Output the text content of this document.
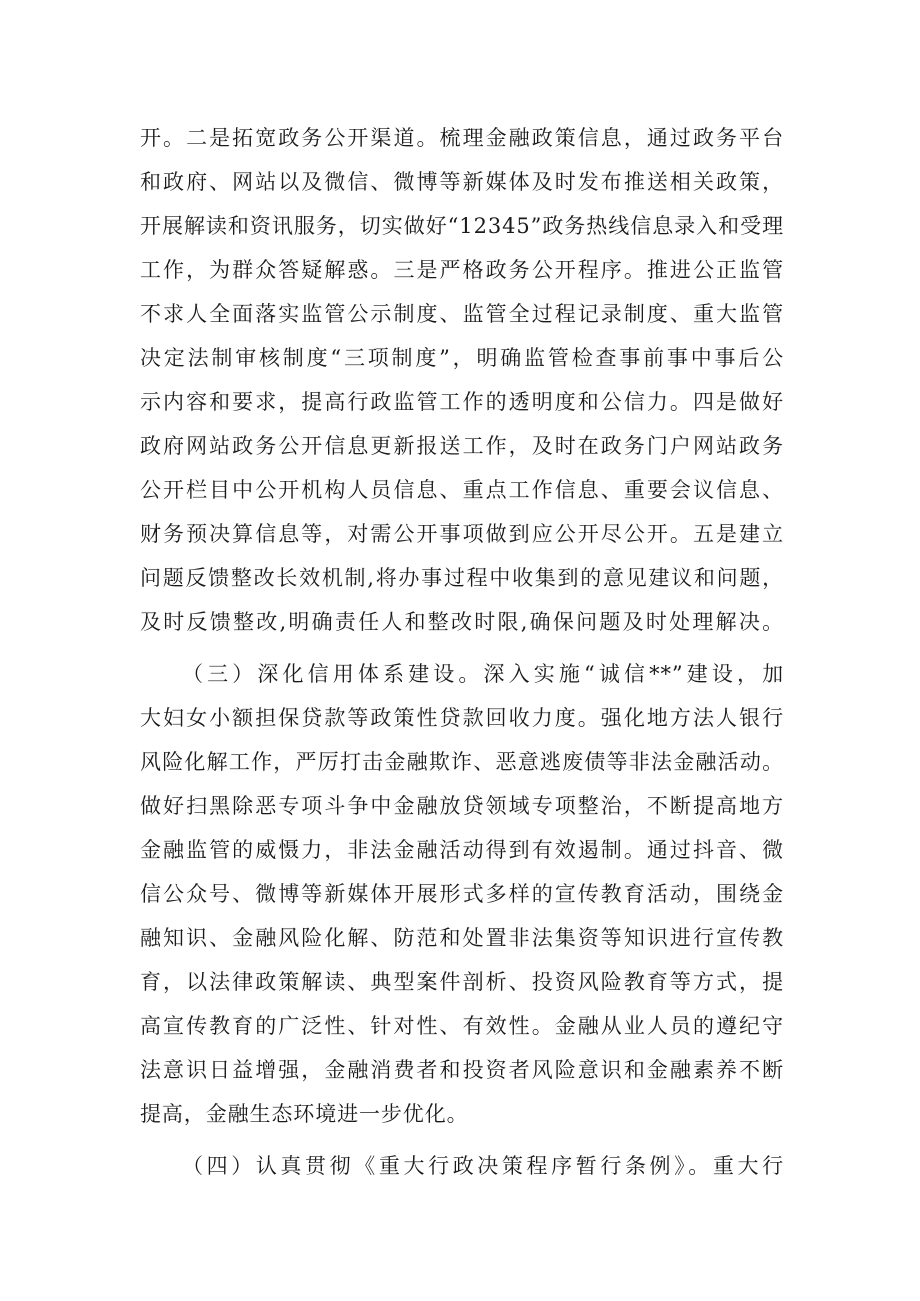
开。二是拓宽政务公开渠道。梳理金融政策信息，通过政务平台
和政府、网站以及微信、微博等新媒体及时发布推送相关政策，
开展解读和资讯服务，切实做好“12345”政务热线信息录入和受理
工作，为群众答疑解惑。三是严格政务公开程序。推进公正监管
不求人全面落实监管公示制度、监管全过程记录制度、重大监管
决定法制审核制度“三项制度”，明确监管检查事前事中事后公
示内容和要求，提高行政监管工作的透明度和公信力。四是做好
政府网站政务公开信息更新报送工作，及时在政务门户网站政务
公开栏目中公开机构人员信息、重点工作信息、重要会议信息、
财务预决算信息等，对需公开事项做到应公开尽公开。五是建立
问题反馈整改长效机制,将办事过程中收集到的意见建议和问题，
及时反馈整改,明确责任人和整改时限,确保问题及时处理解决。
（三）深化信用体系建设。深入实施“诚信**”建设，加
大妇女小额担保贷款等政策性贷款回收力度。强化地方法人银行
风险化解工作，严厉打击金融欺诈、恶意逃废债等非法金融活动。
做好扫黑除恶专项斗争中金融放贷领域专项整治，不断提高地方
金融监管的威慑力，非法金融活动得到有效遏制。通过抖音、微
信公众号、微博等新媒体开展形式多样的宣传教育活动，围绕金
融知识、金融风险化解、防范和处置非法集资等知识进行宣传教
育，以法律政策解读、典型案件剖析、投资风险教育等方式，提
高宣传教育的广泛性、针对性、有效性。金融从业人员的遵纪守
法意识日益增强，金融消费者和投资者风险意识和金融素养不断
提高，金融生态环境进一步优化。
（四）认真贯彻《重大行政决策程序暂行条例》。重大行
